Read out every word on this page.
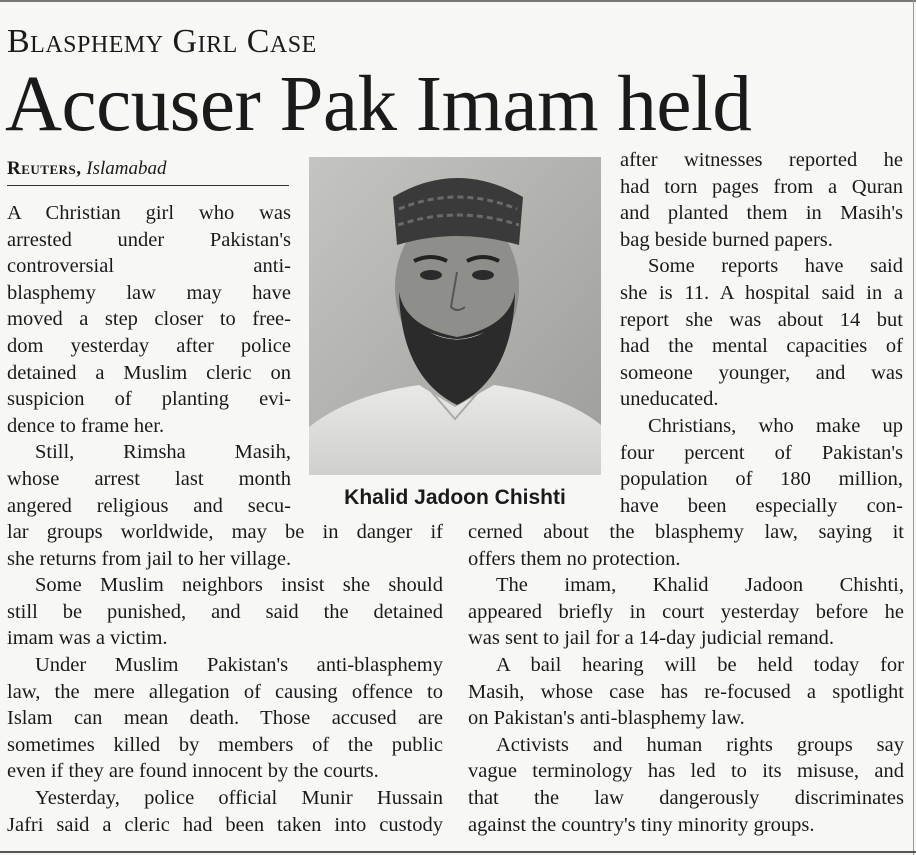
Blasphemy Girl Case
Accuser Pak Imam held
Reuters, Islamabad
Khalid Jadoon Chishti
A Christian girl who was
arrested under Pakistan's
controversial anti-
blasphemy law may have
moved a step closer to free-
dom yesterday after police
detained a Muslim cleric on
suspicion of planting evi-
dence to frame her.
Still, Rimsha Masih,
whose arrest last month
angered religious and secu-
lar groups worldwide, may be in danger if
she returns from jail to her village.
Some Muslim neighbors insist she should
still be punished, and said the detained
imam was a victim.
Under Muslim Pakistan's anti-blasphemy
law, the mere allegation of causing offence to
Islam can mean death. Those accused are
sometimes killed by members of the public
even if they are found innocent by the courts.
Yesterday, police official Munir Hussain
Jafri said a cleric had been taken into custody
after witnesses reported he
had torn pages from a Quran
and planted them in Masih's
bag beside burned papers.
Some reports have said
she is 11. A hospital said in a
report she was about 14 but
had the mental capacities of
someone younger, and was
uneducated.
Christians, who make up
four percent of Pakistan's
population of 180 million,
have been especially con-
cerned about the blasphemy law, saying it
offers them no protection.
The imam, Khalid Jadoon Chishti,
appeared briefly in court yesterday before he
was sent to jail for a 14-day judicial remand.
A bail hearing will be held today for
Masih, whose case has re-focused a spotlight
on Pakistan's anti-blasphemy law.
Activists and human rights groups say
vague terminology has led to its misuse, and
that the law dangerously discriminates
against the country's tiny minority groups.
